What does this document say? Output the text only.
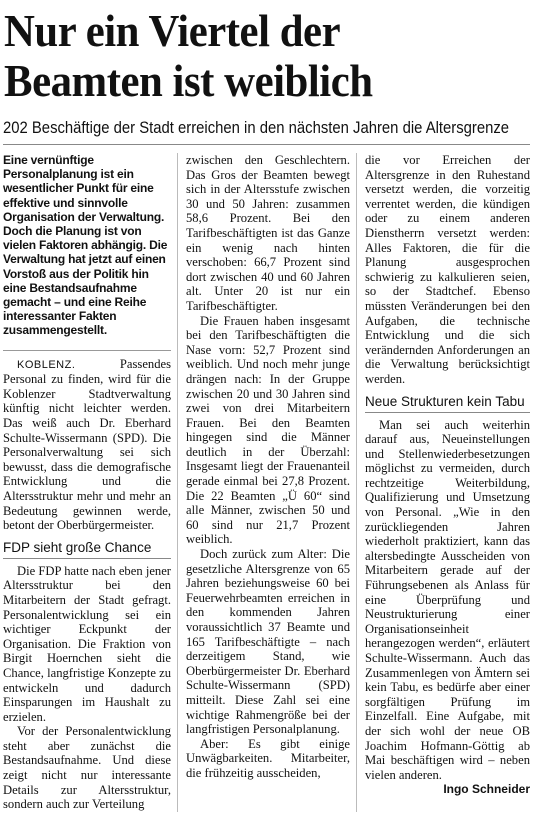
Nur ein Viertel der
Beamten ist weiblich
202 Beschäftige der Stadt erreichen in den nächsten Jahren die Altersgrenze
Eine vernünftige Personalplanung ist ein wesentlicher Punkt für eine effektive und sinnvolle Organisation der Verwaltung. Doch die Planung ist von vielen Faktoren abhängig. Die Verwaltung hat jetzt auf einen Vorstoß aus der Politik hin eine Bestandsaufnahme gemacht – und eine Reihe interessanter Fakten zusammengestellt.

KOBLENZ. Passendes Personal zu finden, wird für die Koblenzer Stadtverwaltung künftig nicht leichter werden. Das weiß auch Dr. Eberhard Schulte-Wissermann (SPD). Die Personalverwaltung sei sich bewusst, dass die demografische Entwicklung und die Altersstruktur mehr und mehr an Bedeutung gewinnen werde, betont der Oberbürgermeister.

FDP sieht große Chance

Die FDP hatte nach eben jener Altersstruktur bei den Mitarbeitern der Stadt gefragt. Personalentwicklung sei ein wichtiger Eckpunkt der Organisation. Die Fraktion von Birgit Hoernchen sieht die Chance, langfristige Konzepte zu entwickeln und dadurch Einsparungen im Haushalt zu erzielen.

Vor der Personalentwicklung steht aber zunächst die Bestandsaufnahme. Und diese zeigt nicht nur interessante Details zur Altersstruktur, sondern auch zur Verteilung

zwischen den Geschlechtern. Das Gros der Beamten bewegt sich in der Altersstufe zwischen 30 und 50 Jahren: zusammen 58,6 Prozent. Bei den Tarifbeschäftigten ist das Ganze ein wenig nach hinten verschoben: 66,7 Prozent sind dort zwischen 40 und 60 Jahren alt. Unter 20 ist nur ein Tarifbeschäftigter.

Die Frauen haben insgesamt bei den Tarifbeschäftigten die Nase vorn: 52,7 Prozent sind weiblich. Und noch mehr junge drängen nach: In der Gruppe zwischen 20 und 30 Jahren sind zwei von drei Mitarbeitern Frauen. Bei den Beamten hingegen sind die Männer deutlich in der Überzahl: Insgesamt liegt der Frauenanteil gerade einmal bei 27,8 Prozent. Die 22 Beamten „Ü 60“ sind alle Männer, zwischen 50 und 60 sind nur 21,7 Prozent weiblich.

Doch zurück zum Alter: Die gesetzliche Altersgrenze von 65 Jahren beziehungsweise 60 bei Feuerwehrbeamten erreichen in den kommenden Jahren voraussichtlich 37 Beamte und 165 Tarifbeschäftigte – nach derzeitigem Stand, wie Oberbürgermeister Dr. Eberhard Schulte-Wissermann (SPD) mitteilt. Diese Zahl sei eine wichtige Rahmengröße bei der langfristigen Personalplanung.

Aber: Es gibt einige Unwägbarkeiten. Mitarbeiter, die frühzeitig ausscheiden,

die vor Erreichen der Altersgrenze in den Ruhestand versetzt werden, die vorzeitig verrentet werden, die kündigen oder zu einem anderen Dienstherrn versetzt werden: Alles Faktoren, die für die Planung ausgesprochen schwierig zu kalkulieren seien, so der Stadtchef. Ebenso müssten Veränderungen bei den Aufgaben, die technische Entwicklung und die sich verändernden Anforderungen an die Verwaltung berücksichtigt werden.

Neue Strukturen kein Tabu

Man sei auch weiterhin darauf aus, Neueinstellungen und Stellenwiederbesetzungen möglichst zu vermeiden, durch rechtzeitige Weiterbildung, Qualifizierung und Umsetzung von Personal. „Wie in den zurückliegenden Jahren wiederholt praktiziert, kann das altersbedingte Ausscheiden von Mitarbeitern gerade auf der Führungsebenen als Anlass für eine Überprüfung und Neustrukturierung einer Organisationseinheit herangezogen werden“, erläutert Schulte-Wissermann. Auch das Zusammenlegen von Ämtern sei kein Tabu, es bedürfe aber einer sorgfältigen Prüfung im Einzelfall. Eine Aufgabe, mit der sich wohl der neue OB Joachim Hofmann-Göttig ab Mai beschäftigen wird – neben vielen anderen.
Ingo Schneider
